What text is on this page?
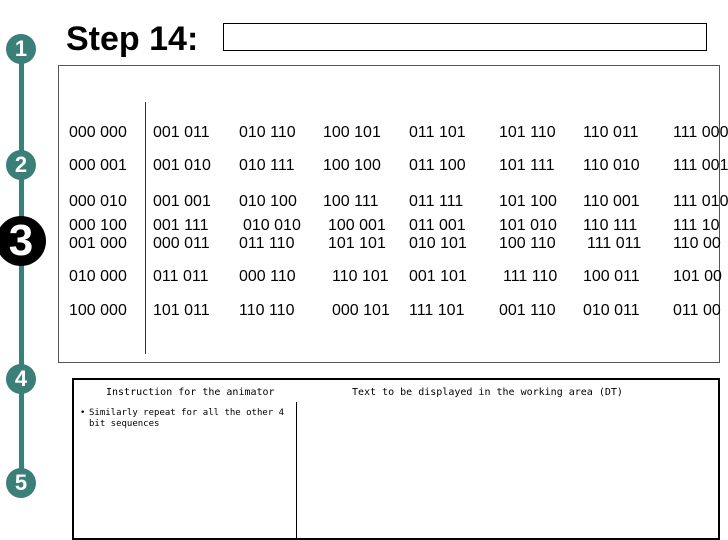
1
2
3
4
5
Step 14:
000 000 001 011 010 110 100 101 011 101 101 110 110 011 111 000
000 001 001 010 010 111 100 100 011 100 101 111 110 010 111 001
000 010 001 001 010 100 100 111 011 111 101 100 110 001 111 010
000 100 001 111 010 010 100 001 011 001 101 010 110 111 111 10
001 000 000 011 011 110 101 101 010 101 100 110 111 011 110 00
010 000 011 011 000 110 110 101 001 101 111 110 100 011 101 00
100 000 101 011 110 110 000 101 111 101 001 110 010 011 011 00
Instruction for the animator	Text to be displayed in the working area (DT)
• Similarly repeat for all the other 4 bit sequences
